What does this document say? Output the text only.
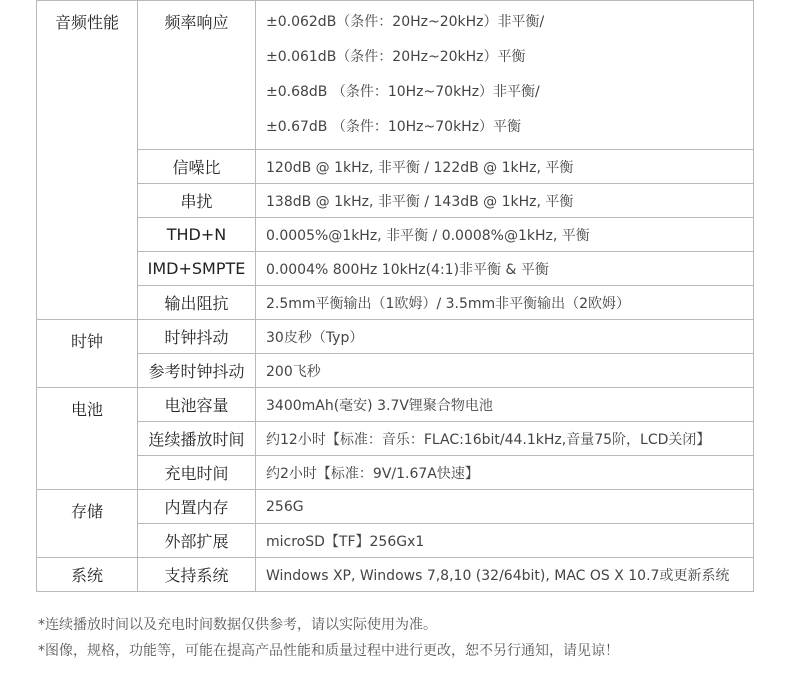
音频性能	频率响应	±0.062dB（条件：20Hz~20kHz）非平衡/
±0.061dB（条件：20Hz~20kHz）平衡
±0.68dB （条件：10Hz~70kHz）非平衡/
±0.67dB （条件：10Hz~70kHz）平衡

	信噪比	120dB @ 1kHz, 非平衡 / 122dB @ 1kHz, 平衡
	串扰	138dB @ 1kHz, 非平衡 / 143dB @ 1kHz, 平衡
	THD+N	0.0005%@1kHz, 非平衡 / 0.0008%@1kHz, 平衡
	IMD+SMPTE	0.0004% 800Hz 10kHz(4:1)非平衡 & 平衡
	输出阻抗	2.5mm平衡输出（1欧姆）/ 3.5mm非平衡输出（2欧姆）
时钟	时钟抖动	30皮秒（Typ）
	参考时钟抖动	200飞秒
电池	电池容量	3400mAh(毫安) 3.7V锂聚合物电池
	连续播放时间	约12小时【标准：音乐：FLAC:16bit/44.1kHz,音量75阶，LCD关闭】
	充电时间	约2小时【标准：9V/1.67A快速】
存储	内置内存	256G
	外部扩展	microSD【TF】256Gx1
系统	支持系统	Windows XP, Windows 7,8,10 (32/64bit), MAC OS X 10.7或更新系统

*连续播放时间以及充电时间数据仅供参考，请以实际使用为准。

*图像，规格，功能等，可能在提高产品性能和质量过程中进行更改，恕不另行通知，请见谅！
